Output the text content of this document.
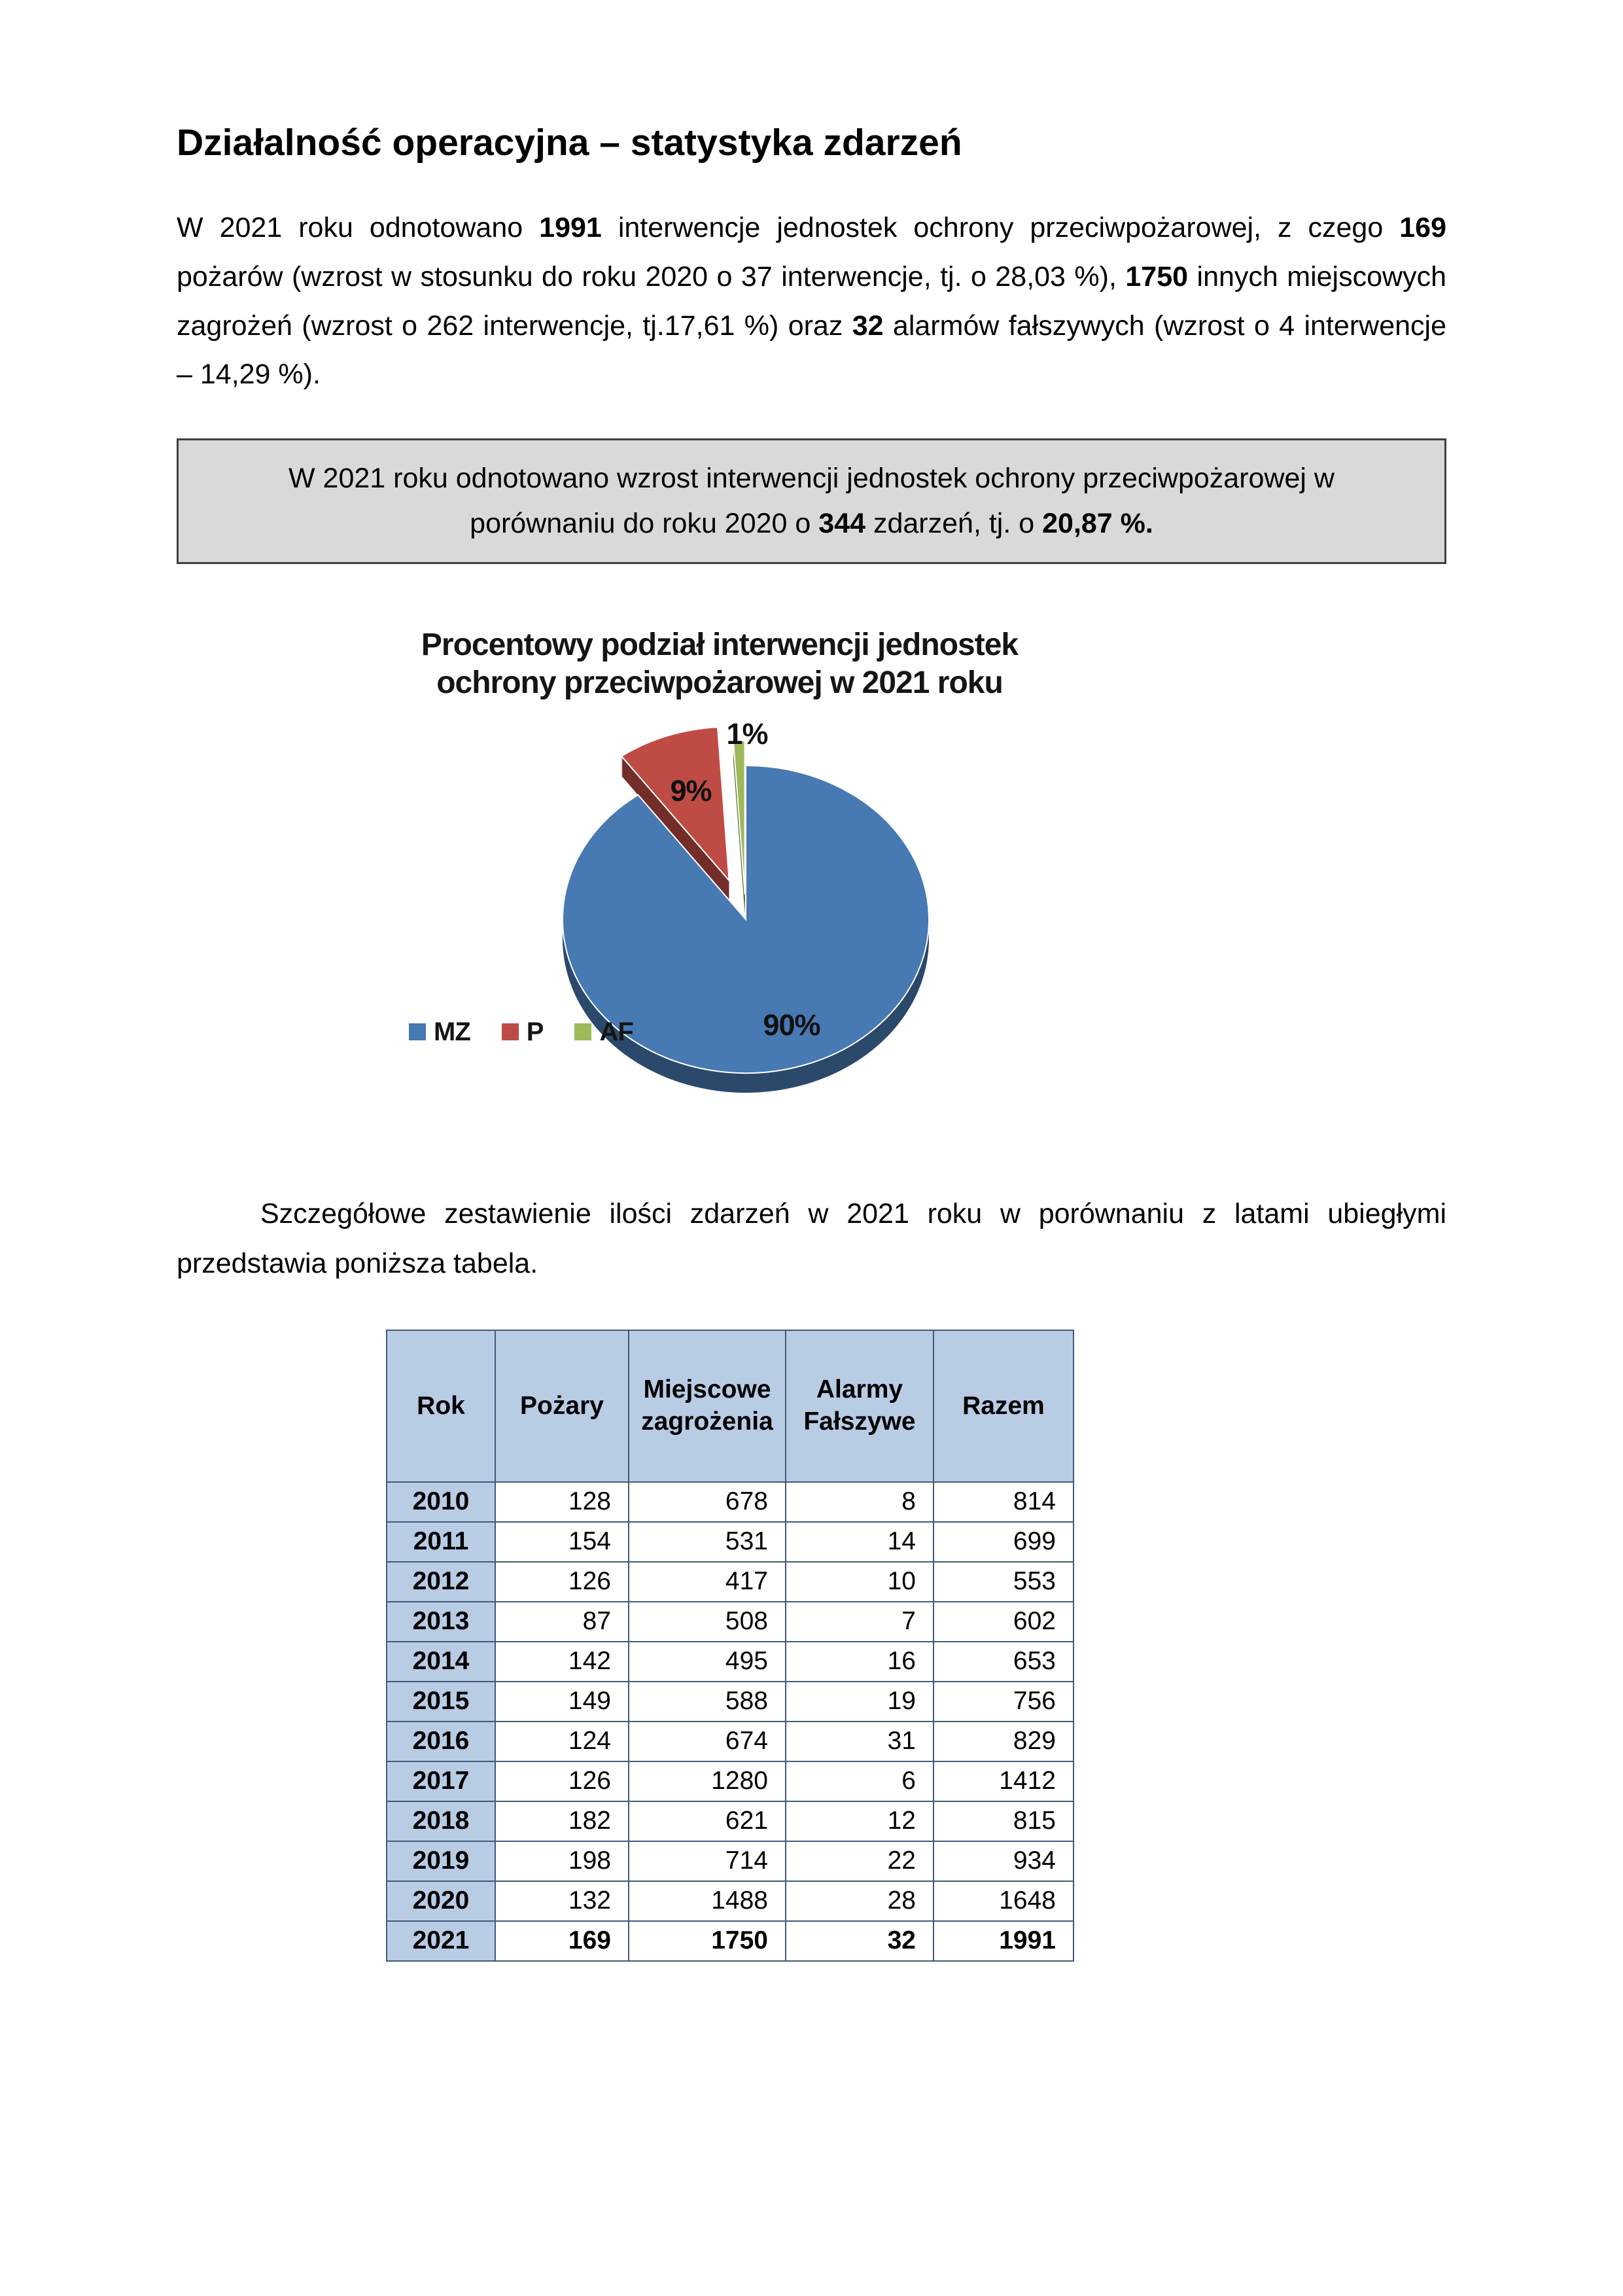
Działalność operacyjna – statystyka zdarzeń

W 2021 roku odnotowano 1991 interwencje jednostek ochrony przeciwpożarowej, z czego 169 pożarów (wzrost w stosunku do roku 2020 o 37 interwencje, tj. o 28,03 %), 1750 innych miejscowych zagrożeń (wzrost o 262 interwencje, tj.17,61 %) oraz 32 alarmów fałszywych (wzrost o 4 interwencje – 14,29 %).

W 2021 roku odnotowano wzrost interwencji jednostek ochrony przeciwpożarowej w porównaniu do roku 2020 o 344 zdarzeń, tj. o 20,87 %.
Procentowy podział interwencji jednostek
ochrony przeciwpożarowej w 2021 roku
9%
1%
90%
MZ P AF

Szczegółowe zestawienie ilości zdarzeń w 2021 roku w porównaniu z latami ubiegłymi przedstawia poniższa tabela.

Rok	Pożary	Miejscowe zagrożenia	Alarmy Fałszywe	Razem
2010	128	678	8	814
2011	154	531	14	699
2012	126	417	10	553
2013	87	508	7	602
2014	142	495	16	653
2015	149	588	19	756
2016	124	674	31	829
2017	126	1280	6	1412
2018	182	621	12	815
2019	198	714	22	934
2020	132	1488	28	1648
2021	169	1750	32	1991
